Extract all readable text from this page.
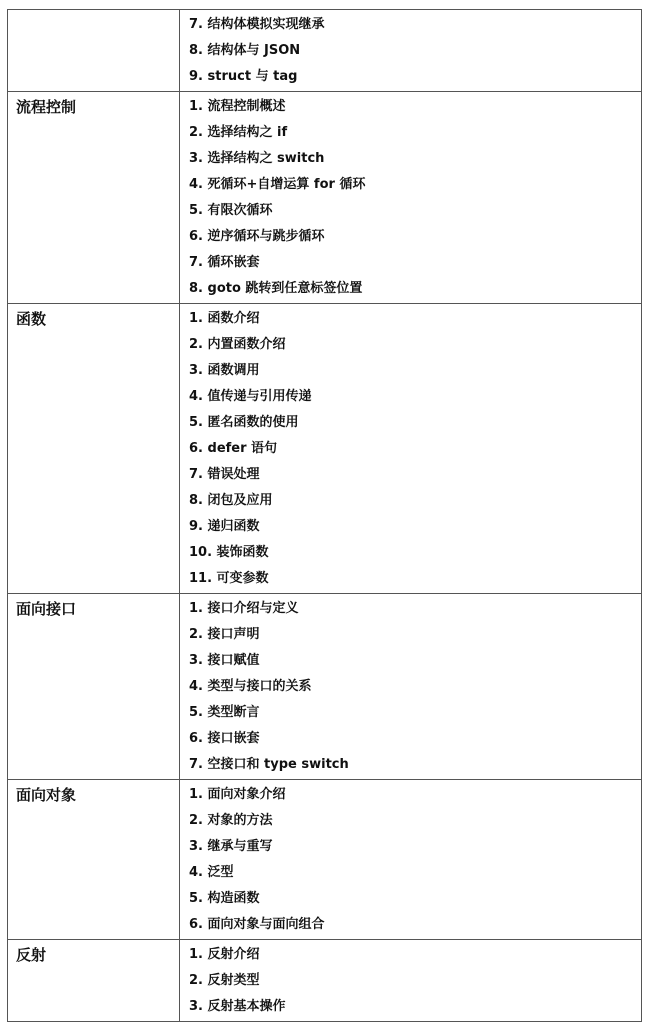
7. 结构体模拟实现继承
8. 结构体与 JSON
9. struct 与 tag
流程控制	1. 流程控制概述
2. 选择结构之 if
3. 选择结构之 switch
4. 死循环+自增运算 for 循环
5. 有限次循环
6. 逆序循环与跳步循环
7. 循环嵌套
8. goto 跳转到任意标签位置
函数	1. 函数介绍
2. 内置函数介绍
3. 函数调用
4. 值传递与引用传递
5. 匿名函数的使用
6. defer 语句
7. 错误处理
8. 闭包及应用
9. 递归函数
10. 装饰函数
11. 可变参数
面向接口	1. 接口介绍与定义
2. 接口声明
3. 接口赋值
4. 类型与接口的关系
5. 类型断言
6. 接口嵌套
7. 空接口和 type switch
面向对象	1. 面向对象介绍
2. 对象的方法
3. 继承与重写
4. 泛型
5. 构造函数
6. 面向对象与面向组合
反射	1. 反射介绍
2. 反射类型
3. 反射基本操作
